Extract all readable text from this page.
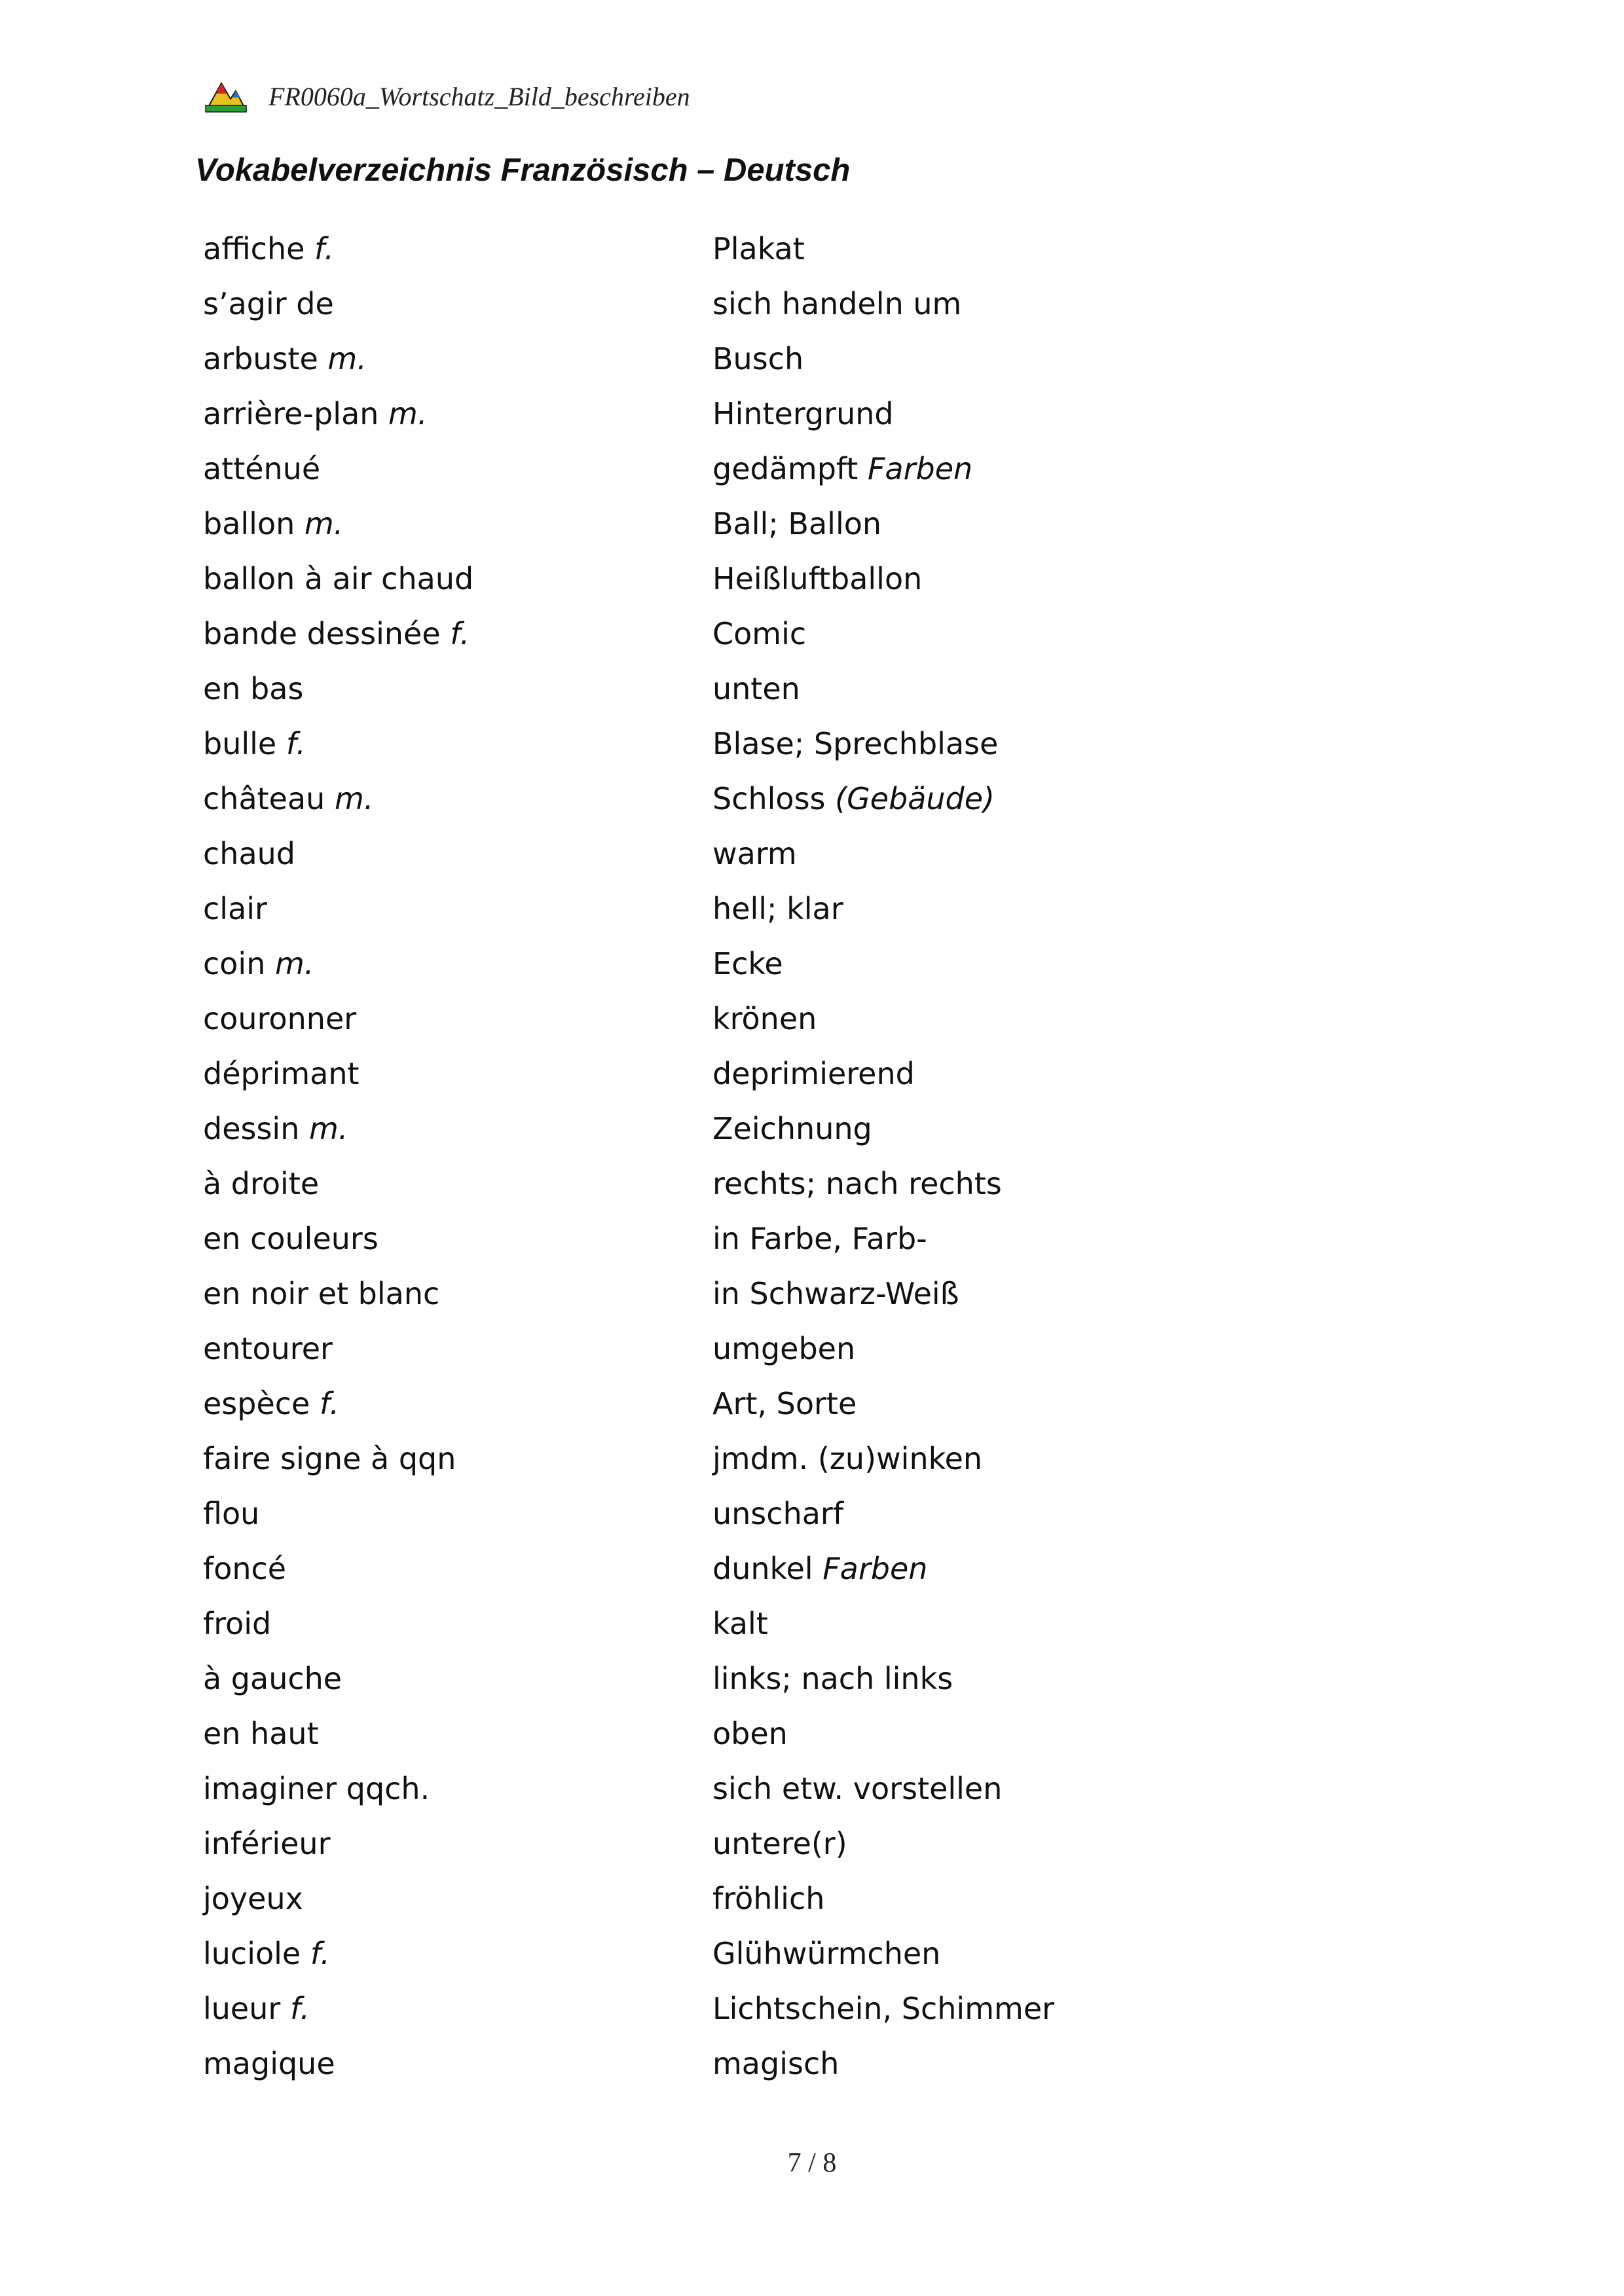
FR0060a_Wortschatz_Bild_beschreiben
Vokabelverzeichnis Französisch – Deutsch
affiche f.	Plakat
s’agir de	sich handeln um
arbuste m.	Busch
arrière-plan m.	Hintergrund
atténué	gedämpft Farben
ballon m.	Ball; Ballon
ballon à air chaud	Heißluftballon
bande dessinée f.	Comic
en bas	unten
bulle f.	Blase; Sprechblase
château m.	Schloss (Gebäude)
chaud	warm
clair	hell; klar
coin m.	Ecke
couronner	krönen
déprimant	deprimierend
dessin m.	Zeichnung
à droite	rechts; nach rechts
en couleurs	in Farbe, Farb-
en noir et blanc	in Schwarz-Weiß
entourer	umgeben
espèce f.	Art, Sorte
faire signe à qqn	jmdm. (zu)winken
flou	unscharf
foncé	dunkel Farben
froid	kalt
à gauche	links; nach links
en haut	oben
imaginer qqch.	sich etw. vorstellen
inférieur	untere(r)
joyeux	fröhlich
luciole f.	Glühwürmchen
lueur f.	Lichtschein, Schimmer
magique	magisch
7 / 8
